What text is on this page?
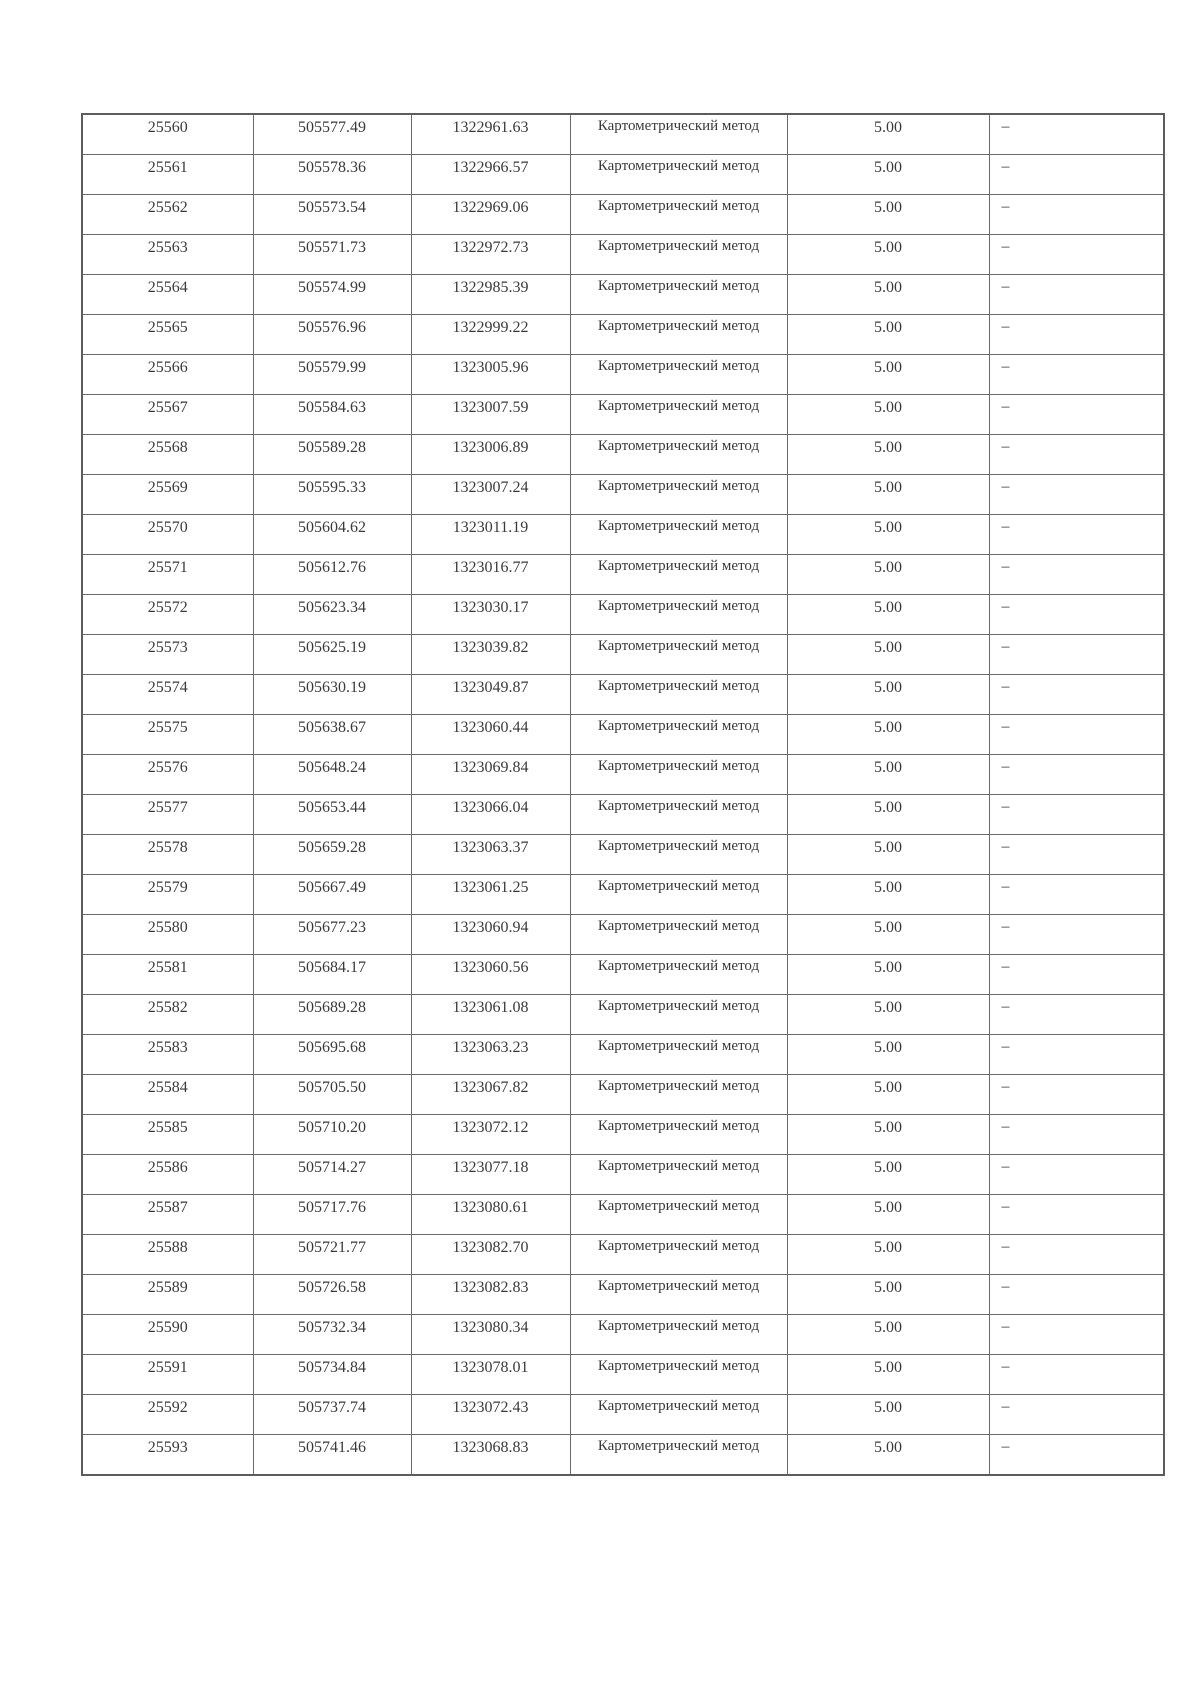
25560	505577.49	1322961.63	Картометрический метод	5.00	–

25561	505578.36	1322966.57	Картометрический метод	5.00	–

25562	505573.54	1322969.06	Картометрический метод	5.00	–

25563	505571.73	1322972.73	Картометрический метод	5.00	–

25564	505574.99	1322985.39	Картометрический метод	5.00	–

25565	505576.96	1322999.22	Картометрический метод	5.00	–

25566	505579.99	1323005.96	Картометрический метод	5.00	–

25567	505584.63	1323007.59	Картометрический метод	5.00	–

25568	505589.28	1323006.89	Картометрический метод	5.00	–

25569	505595.33	1323007.24	Картометрический метод	5.00	–

25570	505604.62	1323011.19	Картометрический метод	5.00	–

25571	505612.76	1323016.77	Картометрический метод	5.00	–

25572	505623.34	1323030.17	Картометрический метод	5.00	–

25573	505625.19	1323039.82	Картометрический метод	5.00	–

25574	505630.19	1323049.87	Картометрический метод	5.00	–

25575	505638.67	1323060.44	Картометрический метод	5.00	–

25576	505648.24	1323069.84	Картометрический метод	5.00	–

25577	505653.44	1323066.04	Картометрический метод	5.00	–

25578	505659.28	1323063.37	Картометрический метод	5.00	–

25579	505667.49	1323061.25	Картометрический метод	5.00	–

25580	505677.23	1323060.94	Картометрический метод	5.00	–

25581	505684.17	1323060.56	Картометрический метод	5.00	–

25582	505689.28	1323061.08	Картометрический метод	5.00	–

25583	505695.68	1323063.23	Картометрический метод	5.00	–

25584	505705.50	1323067.82	Картометрический метод	5.00	–

25585	505710.20	1323072.12	Картометрический метод	5.00	–

25586	505714.27	1323077.18	Картометрический метод	5.00	–

25587	505717.76	1323080.61	Картометрический метод	5.00	–

25588	505721.77	1323082.70	Картометрический метод	5.00	–

25589	505726.58	1323082.83	Картометрический метод	5.00	–

25590	505732.34	1323080.34	Картометрический метод	5.00	–

25591	505734.84	1323078.01	Картометрический метод	5.00	–

25592	505737.74	1323072.43	Картометрический метод	5.00	–

25593	505741.46	1323068.83	Картометрический метод	5.00	–
